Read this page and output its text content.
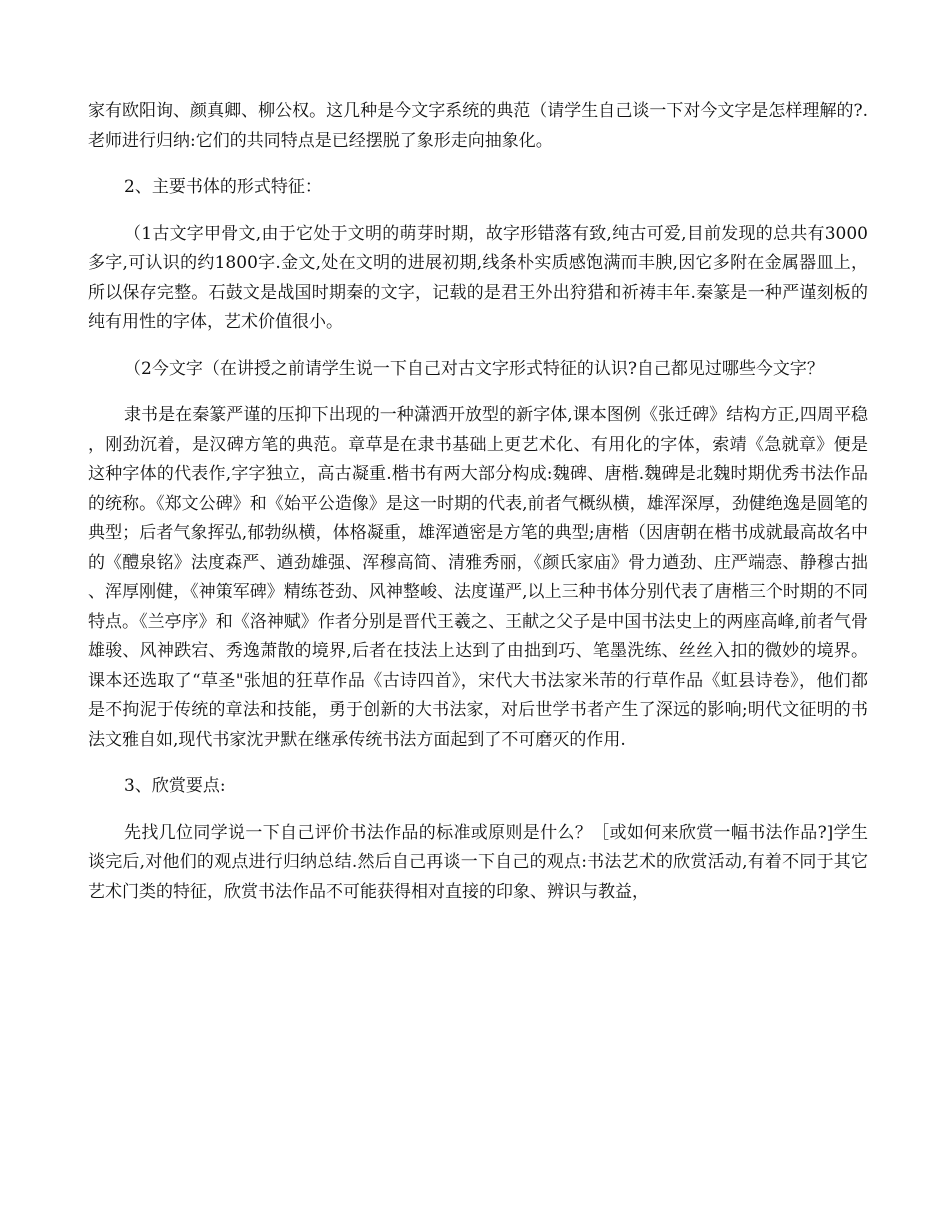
家有欧阳询、颜真卿、柳公权。这几种是今文字系统的典范（请学生自己谈一下对今文字是怎样理解的?.老师进行归纳:它们的共同特点是已经摆脱了象形走向抽象化。

2、主要书体的形式特征：

（1古文字甲骨文,由于它处于文明的萌芽时期，故字形错落有致,纯古可爱,目前发现的总共有3000多字,可认识的约1800字.金文,处在文明的进展初期,线条朴实质感饱满而丰腴,因它多附在金属器皿上，所以保存完整。石鼓文是战国时期秦的文字，记载的是君王外出狩猎和祈祷丰年.秦篆是一种严谨刻板的纯有用性的字体，艺术价值很小。

（2今文字（在讲授之前请学生说一下自己对古文字形式特征的认识?自己都见过哪些今文字？

隶书是在秦篆严谨的压抑下出现的一种潇洒开放型的新字体,课本图例《张迁碑》结构方正,四周平稳，刚劲沉着，是汉碑方笔的典范。章草是在隶书基础上更艺术化、有用化的字体，索靖《急就章》便是这种字体的代表作,字字独立，高古凝重.楷书有两大部分构成:魏碑、唐楷.魏碑是北魏时期优秀书法作品的统称。《郑文公碑》和《始平公造像》是这一时期的代表,前者气概纵横，雄浑深厚，劲健绝逸是圆笔的典型；后者气象挥弘,郁勃纵横，体格凝重，雄浑遒密是方笔的典型;唐楷（因唐朝在楷书成就最高故名中的《醴泉铭》法度森严、遒劲雄强、浑穆高简、清雅秀丽，《颜氏家庙》骨力遒劲、庄严端悫、静穆古拙、浑厚刚健，《神策军碑》精练苍劲、风神整峻、法度谨严,以上三种书体分别代表了唐楷三个时期的不同特点。《兰亭序》和《洛神赋》作者分别是晋代王羲之、王献之父子是中国书法史上的两座高峰,前者气骨雄骏、风神跌宕、秀逸萧散的境界,后者在技法上达到了由拙到巧、笔墨洗练、丝丝入扣的微妙的境界。课本还选取了“草圣"张旭的狂草作品《古诗四首》，宋代大书法家米芾的行草作品《虹县诗卷》，他们都是不拘泥于传统的章法和技能，勇于创新的大书法家，对后世学书者产生了深远的影响;明代文征明的书法文雅自如,现代书家沈尹默在继承传统书法方面起到了不可磨灭的作用.

3、欣赏要点:

先找几位同学说一下自己评价书法作品的标准或原则是什么？［或如何来欣赏一幅书法作品?]学生谈完后,对他们的观点进行归纳总结.然后自己再谈一下自己的观点:书法艺术的欣赏活动,有着不同于其它艺术门类的特征，欣赏书法作品不可能获得相对直接的印象、辨识与教益，
